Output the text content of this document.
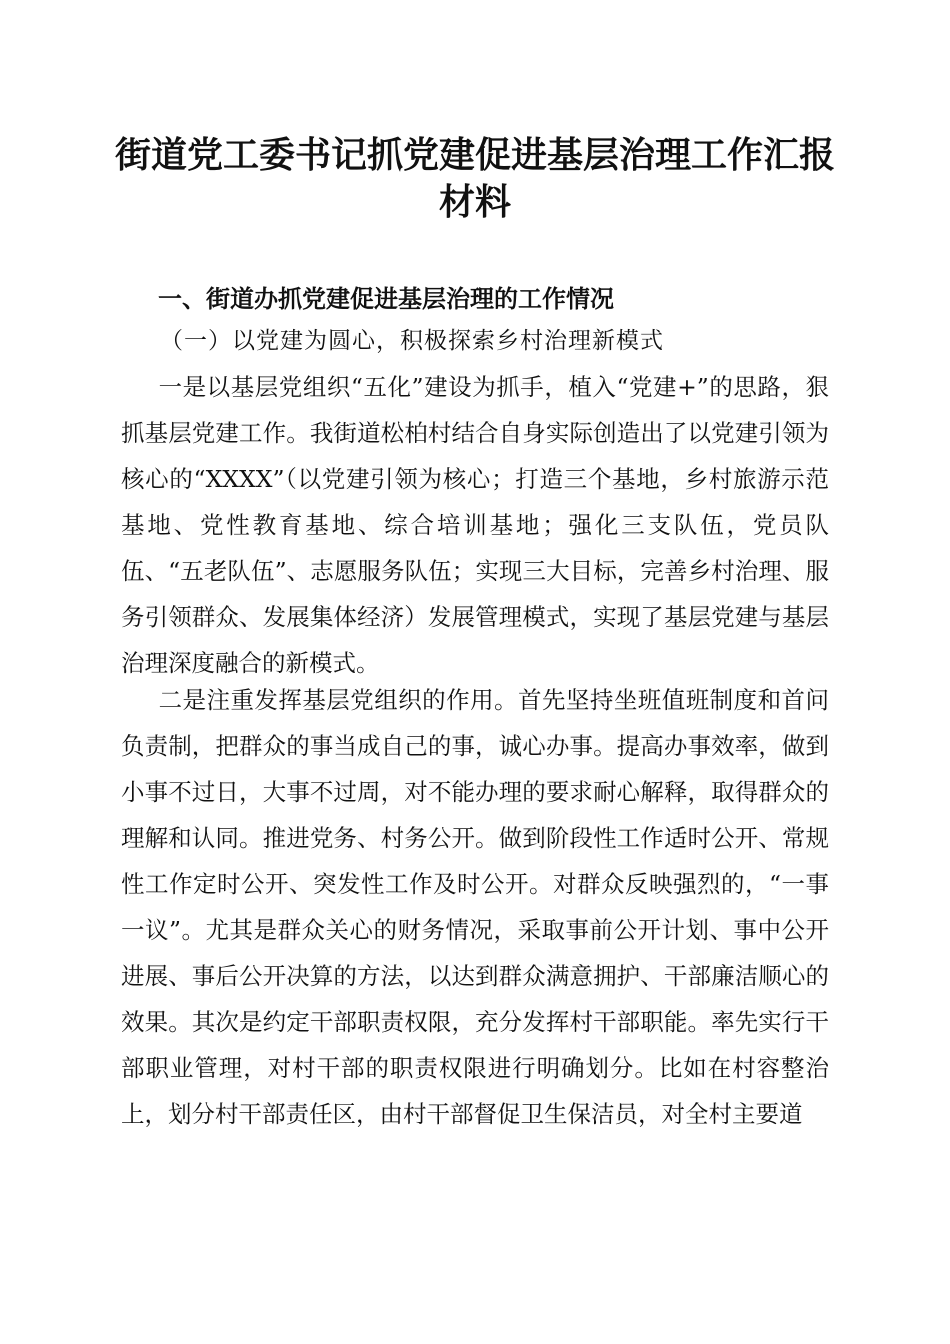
街道党工委书记抓党建促进基层治理工作汇报材料
一、街道办抓党建促进基层治理的工作情况
（一）以党建为圆心，积极探索乡村治理新模式
一是以基层党组织“五化”建设为抓手，植入“党建+”的思路，狠抓基层党建工作。我街道松柏村结合自身实际创造出了以党建引领为核心的“XXXX”（以党建引领为核心；打造三个基地，乡村旅游示范基地、党性教育基地、综合培训基地；强化三支队伍，党员队伍、“五老队伍”、志愿服务队伍；实现三大目标，完善乡村治理、服务引领群众、发展集体经济）发展管理模式，实现了基层党建与基层治理深度融合的新模式。
二是注重发挥基层党组织的作用。首先坚持坐班值班制度和首问负责制，把群众的事当成自己的事，诚心办事。提高办事效率，做到小事不过日，大事不过周，对不能办理的要求耐心解释，取得群众的理解和认同。推进党务、村务公开。做到阶段性工作适时公开、常规性工作定时公开、突发性工作及时公开。对群众反映强烈的，“一事一议”。尤其是群众关心的财务情况，采取事前公开计划、事中公开进展、事后公开决算的方法，以达到群众满意拥护、干部廉洁顺心的效果。其次是约定干部职责权限，充分发挥村干部职能。率先实行干部职业管理，对村干部的职责权限进行明确划分。比如在村容整治上，划分村干部责任区，由村干部督促卫生保洁员，对全村主要道
